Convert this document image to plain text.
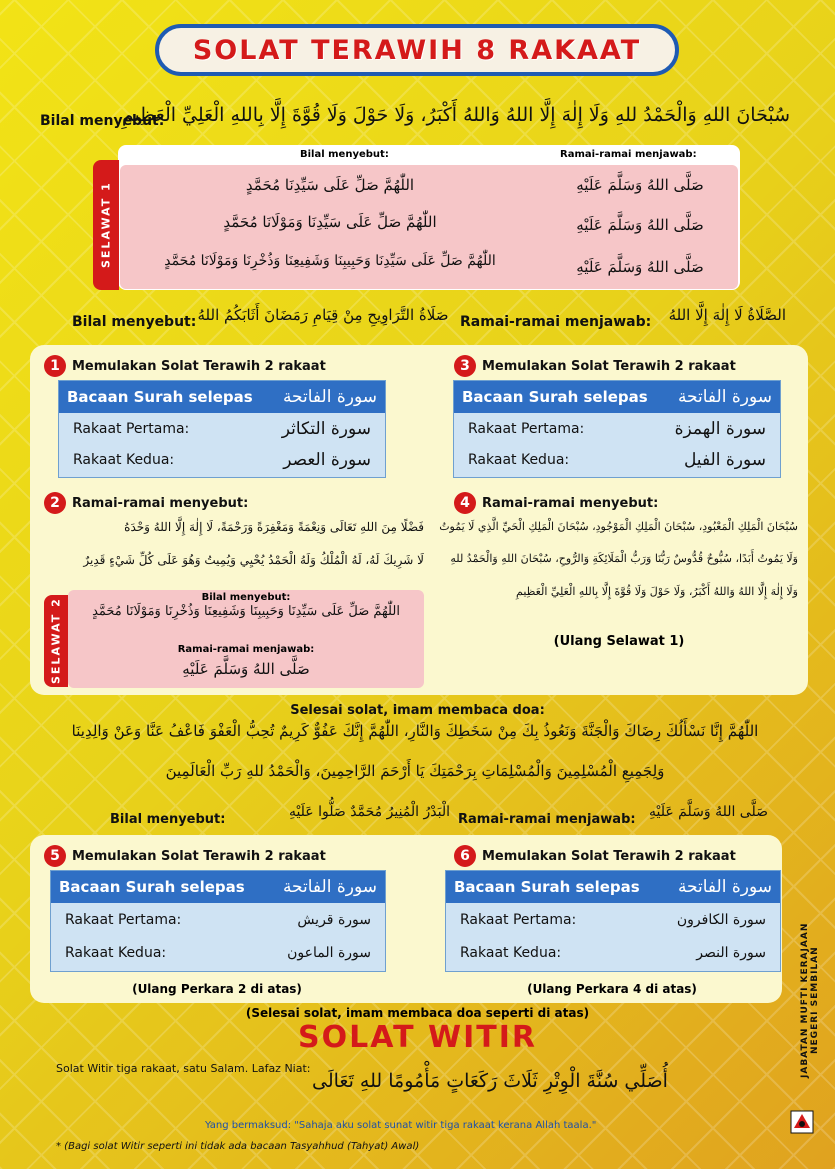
SOLAT TERAWIH 8 RAKAAT
Bilal menyebut:
سُبْحَانَ اللهِ وَالْحَمْدُ للهِ وَلَا إِلٰهَ إِلَّا اللهُ وَاللهُ أَكْبَرُ، وَلَا حَوْلَ وَلَا قُوَّةَ إِلَّا بِاللهِ الْعَلِيِّ الْعَظِيمِ
SELAWAT 1
Bilal menyebut:	Ramai-ramai menjawab:
اللّٰهُمَّ صَلِّ عَلَى سَيِّدِنَا مُحَمَّدٍ	صَلَّى اللهُ وَسَلَّمَ عَلَيْهِ
اللّٰهُمَّ صَلِّ عَلَى سَيِّدِنَا وَمَوْلَانَا مُحَمَّدٍ	صَلَّى اللهُ وَسَلَّمَ عَلَيْهِ
اللّٰهُمَّ صَلِّ عَلَى سَيِّدِنَا وَحَبِيبِنَا وَشَفِيعِنَا وَذُخْرِنَا وَمَوْلَانَا مُحَمَّدٍ	صَلَّى اللهُ وَسَلَّمَ عَلَيْهِ
Bilal menyebut: صَلَاةُ التَّرَاوِيحِ مِنْ قِيَامِ رَمَضَانَ أَثَابَكُمُ اللهُ Ramai-ramai menjawab:	الصَّلَاةُ لَا إِلٰهَ إِلَّا اللهُ
1 Memulakan Solat Terawih 2 rakaat
Bacaan Surah selepas سورة الفاتحة
Rakaat Pertama:	سورة التكاثر
Rakaat Kedua:	سورة العصر
3 Memulakan Solat Terawih 2 rakaat
Bacaan Surah selepas سورة الفاتحة
Rakaat Pertama:	سورة الهمزة
Rakaat Kedua:	سورة الفيل
2 Ramai-ramai menyebut:
فَضْلًا مِنَ اللهِ تَعَالَى وَنِعْمَةً وَمَغْفِرَةً وَرَحْمَةً، لَا إِلٰهَ إِلَّا اللهُ وَحْدَهُ
لَا شَرِيكَ لَهُ، لَهُ الْمُلْكُ وَلَهُ الْحَمْدُ يُحْيِي وَيُمِيتُ وَهُوَ عَلَى كُلِّ شَيْءٍ قَدِيرٌ
SELAWAT 2
Bilal menyebut:
اللّٰهُمَّ صَلِّ عَلَى سَيِّدِنَا وَحَبِيبِنَا وَشَفِيعِنَا وَذُخْرِنَا وَمَوْلَانَا مُحَمَّدٍ
Ramai-ramai menjawab:
صَلَّى اللهُ وَسَلَّمَ عَلَيْهِ
4 Ramai-ramai menyebut:
سُبْحَانَ الْمَلِكِ الْمَعْبُودِ، سُبْحَانَ الْمَلِكِ الْمَوْجُودِ، سُبْحَانَ الْمَلِكِ الْحَيِّ الَّذِي لَا يَمُوتُ
وَلَا يَمُوتُ أَبَدًا، سُبُّوحٌ قُدُّوسٌ رَبُّنَا وَرَبُّ الْمَلَائِكَةِ وَالرُّوحِ، سُبْحَانَ اللهِ وَالْحَمْدُ للهِ
وَلَا إِلٰهَ إِلَّا اللهُ وَاللهُ أَكْبَرُ، وَلَا حَوْلَ وَلَا قُوَّةَ إِلَّا بِاللهِ الْعَلِيِّ الْعَظِيمِ
(Ulang Selawat 1)
Selesai solat, imam membaca doa:
اللّٰهُمَّ إِنَّا نَسْأَلُكَ رِضَاكَ وَالْجَنَّةَ وَنَعُوذُ بِكَ مِنْ سَخَطِكَ وَالنَّارِ، اللّٰهُمَّ إِنَّكَ عَفُوٌّ كَرِيمٌ تُحِبُّ الْعَفْوَ فَاعْفُ عَنَّا وَعَنْ وَالِدِينَا
وَلِجَمِيعِ الْمُسْلِمِينَ وَالْمُسْلِمَاتِ بِرَحْمَتِكَ يَا أَرْحَمَ الرَّاحِمِينَ، وَالْحَمْدُ للهِ رَبِّ الْعَالَمِينَ
Bilal menyebut:	الْبَدْرُ الْمُنِيرُ مُحَمَّدٌ صَلُّوا عَلَيْهِ Ramai-ramai menjawab: صَلَّى اللهُ وَسَلَّمَ عَلَيْهِ
5 Memulakan Solat Terawih 2 rakaat
Bacaan Surah selepas سورة الفاتحة
Rakaat Pertama:	سورة قريش
Rakaat Kedua:	سورة الماعون
(Ulang Perkara 2 di atas)
6 Memulakan Solat Terawih 2 rakaat
Bacaan Surah selepas سورة الفاتحة
Rakaat Pertama:	سورة الكافرون
Rakaat Kedua:	سورة النصر
(Ulang Perkara 4 di atas)
(Selesai solat, imam membaca doa seperti di atas)
SOLAT WITIR
Solat Witir tiga rakaat, satu Salam. Lafaz Niat:
أُصَلِّي سُنَّةَ الْوِتْرِ ثَلَاثَ رَكَعَاتٍ مَأْمُومًا للهِ تَعَالَى
Yang bermaksud: "Sahaja aku solat sunat witir tiga rakaat kerana Allah taala."
* (Bagi solat Witir seperti ini tidak ada bacaan Tasyahhud (Tahyat) Awal)
JABATAN MUFTI KERAJAAN NEGERI SEMBILAN
